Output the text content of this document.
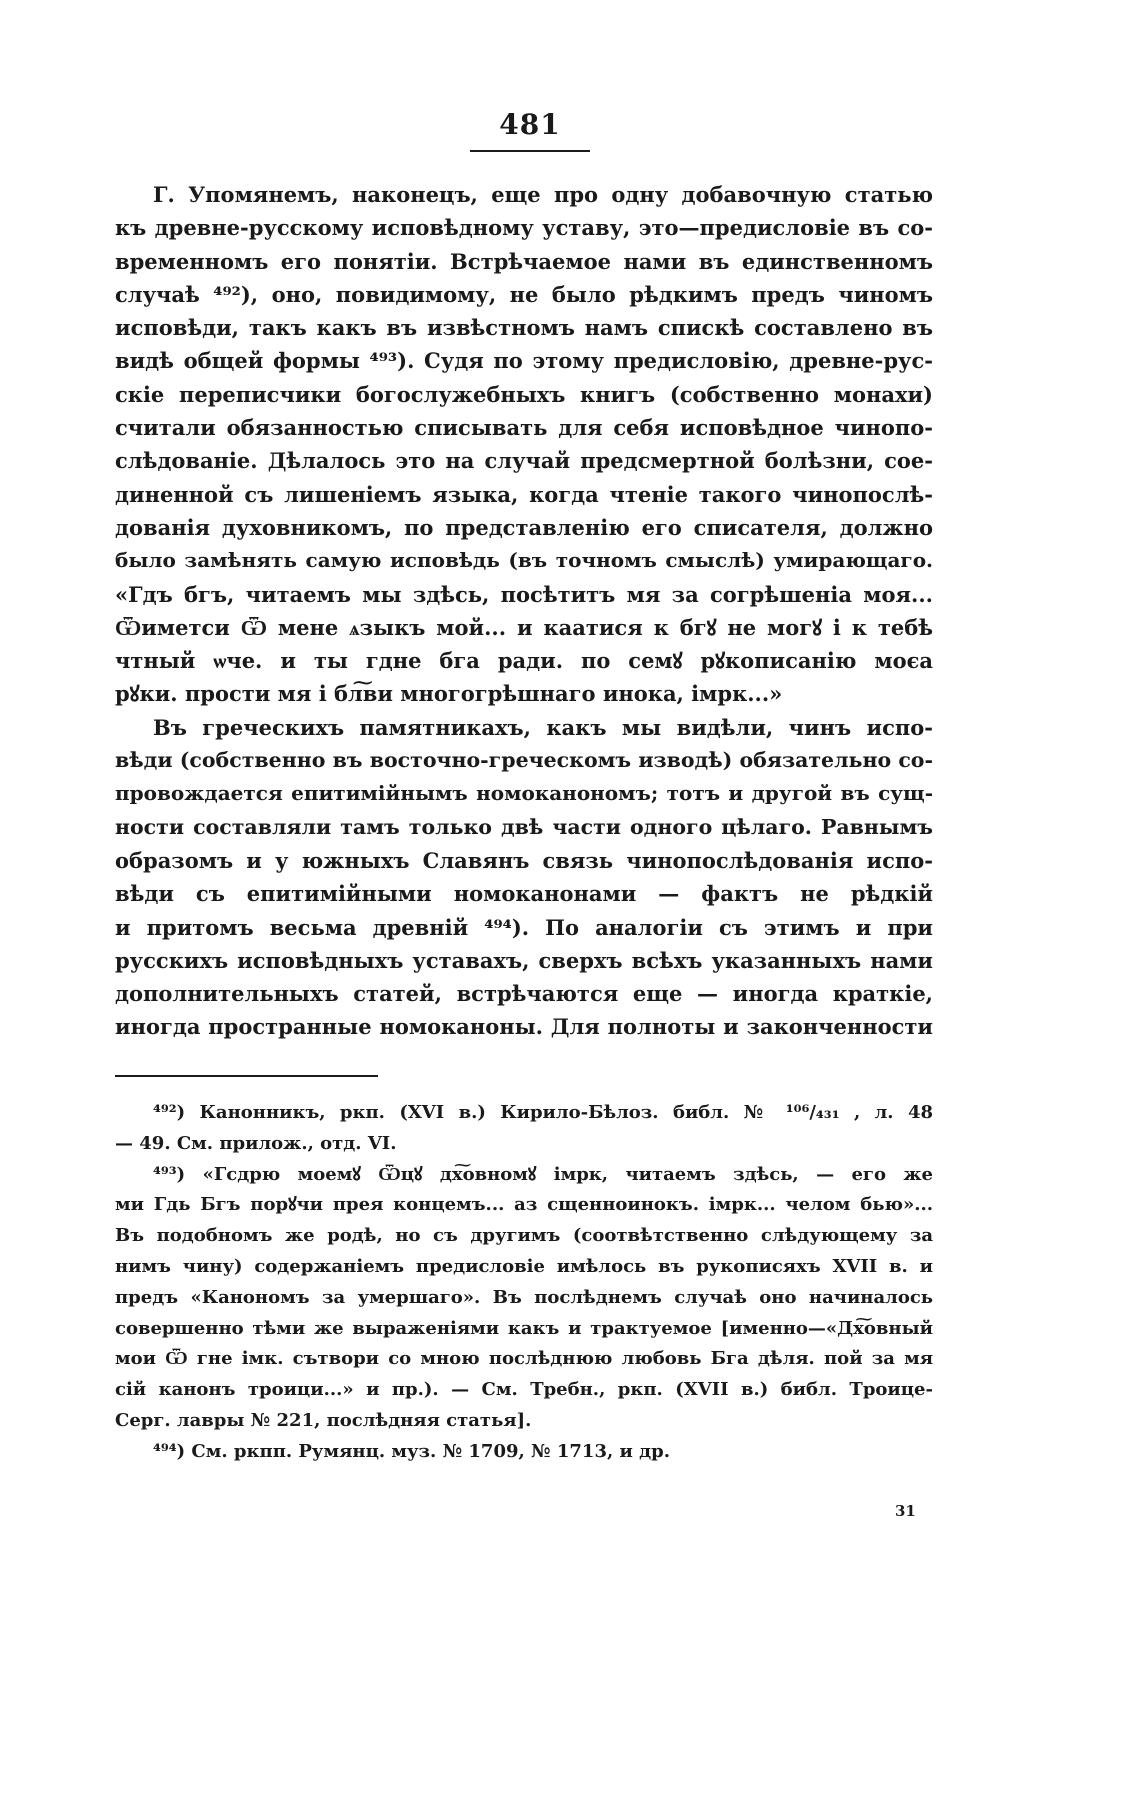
481
Г. Упомянемъ, наконецъ, еще про одну добавочную статью
къ древне-русскому исповѣдному уставу, это—предисловіе въ со-
временномъ его понятіи. Встрѣчаемое нами въ единственномъ
случаѣ ⁴⁹²), оно, повидимому, не было рѣдкимъ предъ чиномъ
исповѣди, такъ какъ въ извѣстномъ намъ спискѣ составлено въ
видѣ общей формы ⁴⁹³). Судя по этому предисловію, древне-рус-
скіе переписчики богослужебныхъ книгъ (собственно монахи)
считали обязанностью списывать для себя исповѣдное чинопо-
слѣдованіе. Дѣлалось это на случай предсмертной болѣзни, сое-
диненной съ лишеніемъ языка, когда чтеніе такого чинопослѣ-
дованія духовникомъ, по представленію его списателя, должно
было замѣнять самую исповѣдь (въ точномъ смыслѣ) умирающаго.
«Гдъ бгъ, читаемъ мы здѣсь, посѣтитъ мя за согрѣшеніа моя...
Ѿиметси Ѿ мене ѧзыкъ мой... и каатися к бгꙋ не могꙋ і к тебѣ
чтный ѡче. и ты гдне бга ради. по семꙋ рꙋкописанію моєа
рꙋки. прости мя і бл͠ви многогрѣшнаго инока, імрк...»
Въ греческихъ памятникахъ, какъ мы видѣли, чинъ испо-
вѣди (собственно въ восточно-греческомъ изводѣ) обязательно со-
провождается епитимійнымъ номоканономъ; тотъ и другой въ сущ-
ности составляли тамъ только двѣ части одного цѣлаго. Равнымъ
образомъ и у южныхъ Славянъ связь чинопослѣдованія испо-
вѣди съ епитимійными номоканонами — фактъ не рѣдкій
и притомъ весьма древній ⁴⁹⁴). По аналогіи съ этимъ и при
русскихъ исповѣдныхъ уставахъ, сверхъ всѣхъ указанныхъ нами
дополнительныхъ статей, встрѣчаются еще — иногда краткіе,
иногда пространные номоканоны. Для полноты и законченности
⁴⁹²) Канонникъ, ркп. (XVI в.) Кирило-Бѣлоз. библ. № ¹⁰⁶/₄₃₁ , л. 48
— 49. См. прилож., отд. VI.
⁴⁹³) «Гсдрю моемꙋ Ѿцꙋ дх͠овномꙋ імрк, читаемъ здѣсь, — его же
ми Гдь Бгъ порꙋчи прея концемъ... аз сщенноинокъ. імрк... челом бью»...
Въ подобномъ же родѣ, но съ другимъ (соотвѣтственно слѣдующему за
нимъ чину) содержаніемъ предисловіе имѣлось въ рукописяхъ XVII в. и
предъ «Канономъ за умершаго». Въ послѣднемъ случаѣ оно начиналось
совершенно тѣми же выраженіями какъ и трактуемое [именно—«Дх͠овный
мои Ѿ гне імк. сътвори со мною послѣднюю любовь Бга дѣля. пой за мя
сій канонъ троици...» и пр.). — См. Требн., ркп. (XVII в.) библ. Троице-
Серг. лавры № 221, послѣдняя статья].
⁴⁹⁴) См. ркпп. Румянц. муз. № 1709, № 1713, и др.
31
